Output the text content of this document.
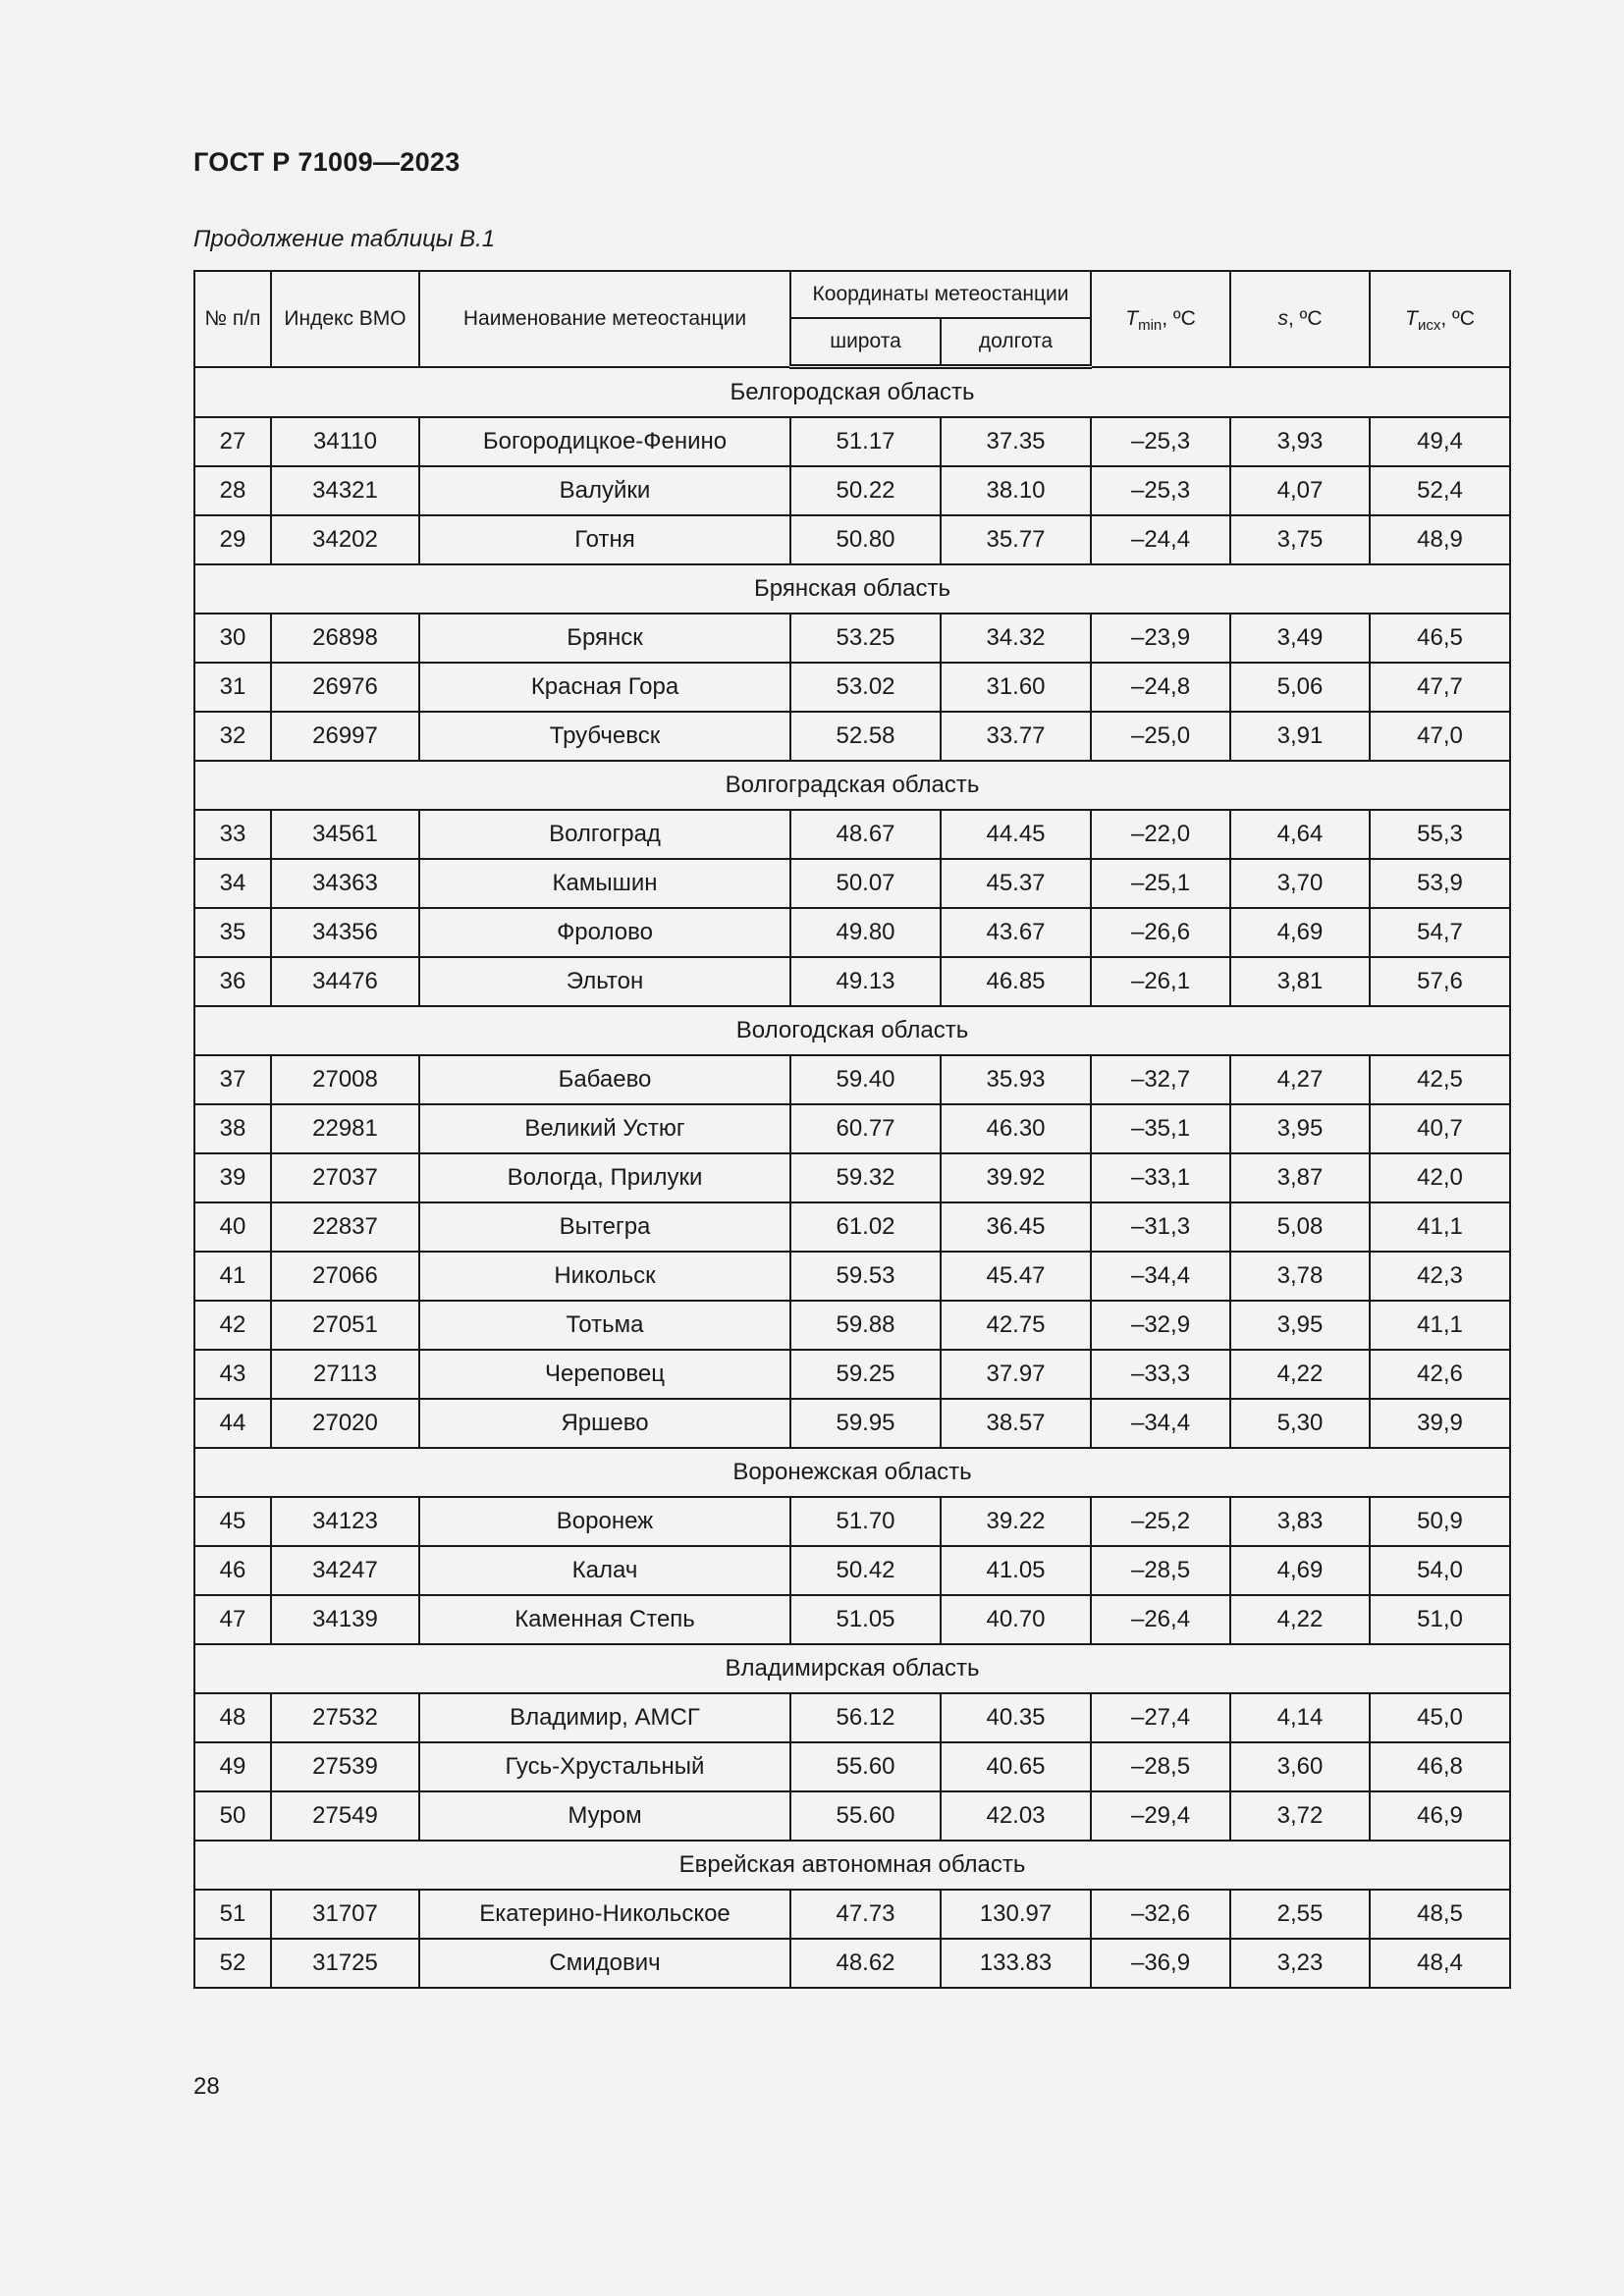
ГОСТ Р 71009—2023
Продолжение таблицы В.1
№ п/п	Индекс ВМО	Наименование метеостанции	Координаты метеостанции		$T_{min}$, ºC	s, ºC	$T_{исх}$, ºC
			широта	долгота			
Белгородская область							
27	34110	Богородицкое-Фенино	51.17	37.35	–25,3	3,93	49,4
28	34321	Валуйки	50.22	38.10	–25,3	4,07	52,4
29	34202	Готня	50.80	35.77	–24,4	3,75	48,9
Брянская область							
30	26898	Брянск	53.25	34.32	–23,9	3,49	46,5
31	26976	Красная Гора	53.02	31.60	–24,8	5,06	47,7
32	26997	Трубчевск	52.58	33.77	–25,0	3,91	47,0
Волгоградская область							
33	34561	Волгоград	48.67	44.45	–22,0	4,64	55,3
34	34363	Камышин	50.07	45.37	–25,1	3,70	53,9
35	34356	Фролово	49.80	43.67	–26,6	4,69	54,7
36	34476	Эльтон	49.13	46.85	–26,1	3,81	57,6
Вологодская область							
37	27008	Бабаево	59.40	35.93	–32,7	4,27	42,5
38	22981	Великий Устюг	60.77	46.30	–35,1	3,95	40,7
39	27037	Вологда, Прилуки	59.32	39.92	–33,1	3,87	42,0
40	22837	Вытегра	61.02	36.45	–31,3	5,08	41,1
41	27066	Никольск	59.53	45.47	–34,4	3,78	42,3
42	27051	Тотьма	59.88	42.75	–32,9	3,95	41,1
43	27113	Череповец	59.25	37.97	–33,3	4,22	42,6
44	27020	Яршево	59.95	38.57	–34,4	5,30	39,9
Воронежская область							
45	34123	Воронеж	51.70	39.22	–25,2	3,83	50,9
46	34247	Калач	50.42	41.05	–28,5	4,69	54,0
47	34139	Каменная Степь	51.05	40.70	–26,4	4,22	51,0
Владимирская область							
48	27532	Владимир, АМСГ	56.12	40.35	–27,4	4,14	45,0
49	27539	Гусь-Хрустальный	55.60	40.65	–28,5	3,60	46,8
50	27549	Муром	55.60	42.03	–29,4	3,72	46,9
Еврейская автономная область							
51	31707	Екатерино-Никольское	47.73	130.97	–32,6	2,55	48,5
52	31725	Смидович	48.62	133.83	–36,9	3,23	48,4
28
